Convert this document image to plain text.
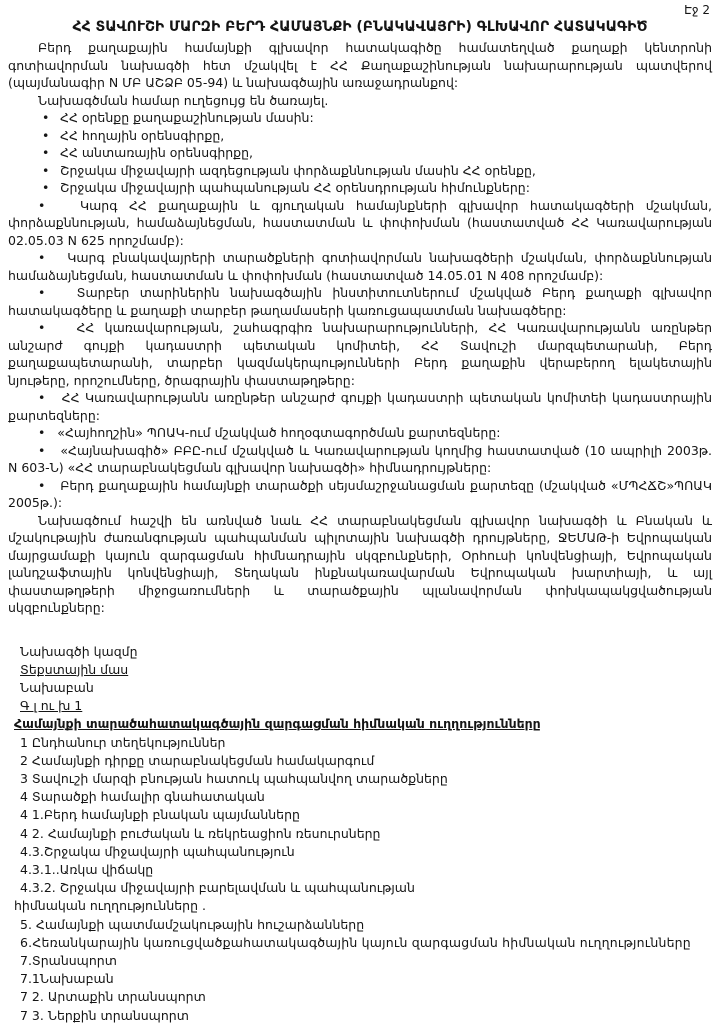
Էջ 2
ՀՀ ՏԱՎՈՒՇԻ ՄԱՐԶԻ ԲԵՐԴ ՀԱՄԱՅՆՔԻ (ԲՆԱԿԱՎԱՅՐԻ) ԳԼԽԱՎՈՐ ՀԱՏԱԿԱԳԻԾ

Բերդ քաղաքային համայնքի գլխավոր հատակագիծը համատեղված քաղաքի կենտրոնի գոտիավորման նախագծի հետ մշակվել է ՀՀ Քաղաքաշինության նախարարության պատվերով (պայմանագիր N ՄԲ ԱՇՁԲ 05-94) և նախագծային առաջադրանքով:

Նախագծման համար ուղեցույց են ծառայել.

• ՀՀ օրենքը քաղաքաշինության մասին:

• ՀՀ հողային օրենսգիրքը,

• ՀՀ անտառային օրենսգիրքը,

• Շրջակա միջավայրի ազդեցության փորձաքննության մասին ՀՀ օրենքը,

• Շրջակա միջավայրի պահպանության ՀՀ օրենսդրության հիմունքները:

•   Կարգ ՀՀ քաղաքային և գյուղական համայնքների գլխավոր հատակագծերի մշակման, փորձաքննության, համաձայնեցման, հաստատման և փոփոխման (հաստատված ՀՀ Կառավարության 02.05.03 N 625 որոշմամբ):

•   Կարգ բնակավայրերի տարածքների գոտիավորման նախագծերի մշակման, փորձաքննության համաձայնեցման, հաստատման և փոփոխման (հաստատված 14.05.01 N 408 որոշմամբ):

•   Տարբեր տարիներին նախագծային ինստիտուտներում մշակված Բերդ քաղաքի գլխավոր հատակագծերը և քաղաքի տարբեր թաղամասերի կառուցապատման նախագծերը:

•   ՀՀ կառավարության, շահագրգիռ նախարարությունների, ՀՀ Կառավարությանն առընթեր անշարժ գույքի կադաստրի պետական կոմիտեի, ՀՀ Տավուշի մարզպետարանի, Բերդ քաղաքապետարանի, տարբեր կազմակերպությունների Բերդ քաղաքին վերաբերող ելակետային նյութերը, որոշումները, ծրագրային փաստաթղթերը:

•   ՀՀ Կառավարությանն առընթեր անշարժ գույքի կադաստրի պետական կոմիտեի կադաստրային քարտեզները:

•   «Հայհողշին» ՊՈԱԿ-ում մշակված հողօգտագործման քարտեզները:

•   «Հայնախագիծ» ԲԲԸ-ում մշակված և Կառավարության կողմից հաստատված (10 ապրիլի 2003թ. N 603-Ն) «ՀՀ տարաբնակեցման գլխավոր նախագծի» հիմնադրույթները:

•   Բերդ քաղաքային համայնքի տարածքի սեյսմաշրջանացման քարտեզը (մշակված «ՄՊՀՃՇ»ՊՈԱԿ 2005թ.):

Նախագծում հաշվի են առնված նաև ՀՀ տարաբնակեցման գլխավոր նախագծի և Բնական և մշակութային ժառանգության պահպանման պիլոտային նախագծի դրույթները, ՋԵՄԱԹ-ի Եվրոպական մայրցամաքի կայուն զարգացման հիմնադրային սկզբունքների, Օրհուսի կոնվենցիայի, Եվրոպական լանդշաֆտային կոնվենցիայի, Տեղական ինքնակառավարման Եվրոպական խարտիայի, և այլ փաստաթղթերի միջոցառումների և տարածքային պլանավորման փոխկապակցվածության սկզբունքները:

Նախագծի կազմը
Տեքստային մաս
Նախաբան
Գ լ ու խ 1
Համայնքի տարածահատակագծային զարգացման հիմնական ուղղությունները
1 Ընդհանուր տեղեկություններ
2 Համայնքի դիրքը տարաբնակեցման համակարգում
3 Տավուշի մարզի բնության հատուկ պահպանվող տարածքները
4 Տարածքի համալիր գնահատական
4 1.Բերդ համայնքի բնական պայմանները
4 2. Համայնքի բուժական և ռեկրեացիոն ռեսուրսները
4.3.Շրջակա միջավայրի պահպանություն
4.3.1..Առկա վիճակը
4.3.2. Շրջակա միջավայրի բարելավման և պահպանության
հիմնական ուղղությունները .
5. Համայնքի պատմամշակութային հուշարձանները
6.Հեռանկարային կառուցվածքահատակագծային կայուն զարգացման հիմնական ուղղությունները
7.Տրանսպորտ
7.1Նախաբան
7 2. Արտաքին տրանսպորտ
7 3. Ներքին տրանսպորտ
